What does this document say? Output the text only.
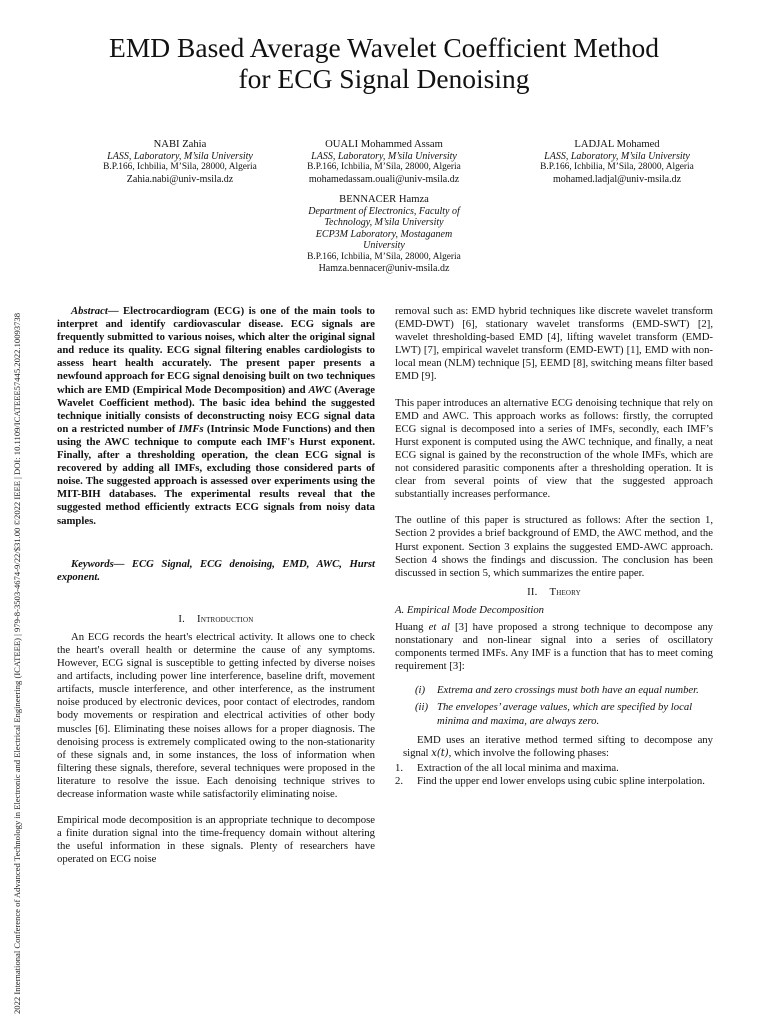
2022 International Conference of Advanced Technology in Electronic and Electrical Engineering (ICATEEE) | 979-8-3503-4674-9/22/$31.00 ©2022 IEEE | DOI: 10.1109/ICATEEE57445.2022.10093738
EMD Based Average Wavelet Coefficient Method
for ECG Signal Denoising
NABI Zahia
LASS, Laboratory, M’sila University
B.P.166, Ichbilia, M’Sila, 28000, Algeria
Zahia.nabi@univ-msila.dz
OUALI Mohammed Assam
LASS, Laboratory, M’sila University
B.P.166, Ichbilia, M’Sila, 28000, Algeria
mohamedassam.ouali@univ-msila.dz
LADJAL Mohamed
LASS, Laboratory, M’sila University
B.P.166, Ichbilia, M’Sila, 28000, Algeria
mohamed.ladjal@univ-msila.dz
BENNACER Hamza
Department of Electronics, Faculty of
Technology, M’sila University
ECP3M Laboratory, Mostaganem
University
B.P.166, Ichbilia, M’Sila, 28000, Algeria
Hamza.bennacer@univ-msila.dz

Abstract— Electrocardiogram (ECG) is one of the main tools to interpret and identify cardiovascular disease. ECG signals are frequently submitted to various noises, which alter the original signal and reduce its quality. ECG signal filtering enables cardiologists to assess heart health accurately. The present paper presents a newfound approach for ECG signal denoising built on two techniques which are EMD (Empirical Mode Decomposition) and AWC (Average Wavelet Coefficient method). The basic idea behind the suggested technique initially consists of deconstructing noisy ECG signal data on a restricted number of IMFs (Intrinsic Mode Functions) and then using the AWC technique to compute each IMF's Hurst exponent. Finally, after a thresholding operation, the clean ECG signal is recovered by adding all IMFs, excluding those considered parts of noise. The suggested approach is assessed over experiments using the MIT-BIH databases. The experimental results reveal that the suggested method efficiently extracts ECG signals from noisy data samples.

Keywords— ECG Signal, ECG denoising, EMD, AWC, Hurst exponent.

I. Introduction

An ECG records the heart's electrical activity. It allows one to check the heart's overall health or determine the cause of any symptoms. However, ECG signal is susceptible to getting infected by diverse noises and artifacts, including power line interference, baseline drift, movement artifacts, muscle interference, and other interference, as the instrument noise produced by electronic devices, poor contact of electrodes, random body movements or respiration and electrical activities of other body muscles [6]. Eliminating these noises allows for a proper diagnosis. The denoising process is extremely complicated owing to the non-stationarity of these signals and, in some instances, the loss of information when filtering these signals, therefore, several techniques were proposed in the literature to resolve the issue. Each denoising technique strives to decrease information waste while satisfactorily eliminating noise.

Empirical mode decomposition is an appropriate technique to decompose a finite duration signal into the time-frequency domain without altering the useful information in these signals. Plenty of researchers have operated on ECG noise

removal such as: EMD hybrid techniques like discrete wavelet transform (EMD-DWT) [6], stationary wavelet transforms (EMD-SWT) [2], wavelet thresholding-based EMD [4], lifting wavelet transform (EMD-LWT) [7], empirical wavelet transform (EMD-EWT) [1], EMD with non-local mean (NLM) technique [5], EEMD [8], switching means filter based EMD [9].

This paper introduces an alternative ECG denoising technique that rely on EMD and AWC. This approach works as follows: firstly, the corrupted ECG signal is decomposed into a series of IMFs, secondly, each IMF’s Hurst exponent is computed using the AWC technique, and finally, a neat ECG signal is gained by the reconstruction of the whole IMFs, which are not considered parasitic components after a thresholding operation. It is clear from several points of view that the suggested approach substantially increases performance.

The outline of this paper is structured as follows: After the section 1, Section 2 provides a brief background of EMD, the AWC method, and the Hurst exponent. Section 3 explains the suggested EMD-AWC approach. Section 4 shows the findings and discussion. The conclusion has been discussed in section 5, which summarizes the entire paper.

II. Theory
A. Empirical Mode Decomposition

Huang et al [3] have proposed a strong technique to decompose any nonstationary and non-linear signal into a series of oscillatory components termed IMFs. Any IMF is a function that has to meet coming requirement [3]:

(i)	Extrema and zero crossings must both have an equal number.
(ii) The envelopes’ average values, which are specified by local minima and maxima, are always zero.

EMD uses an iterative method termed sifting to decompose any signal x(t), which involve the following phases:

1.	Extraction of the all local minima and maxima.
2.	Find the upper end lower envelops using cubic spline interpolation.
